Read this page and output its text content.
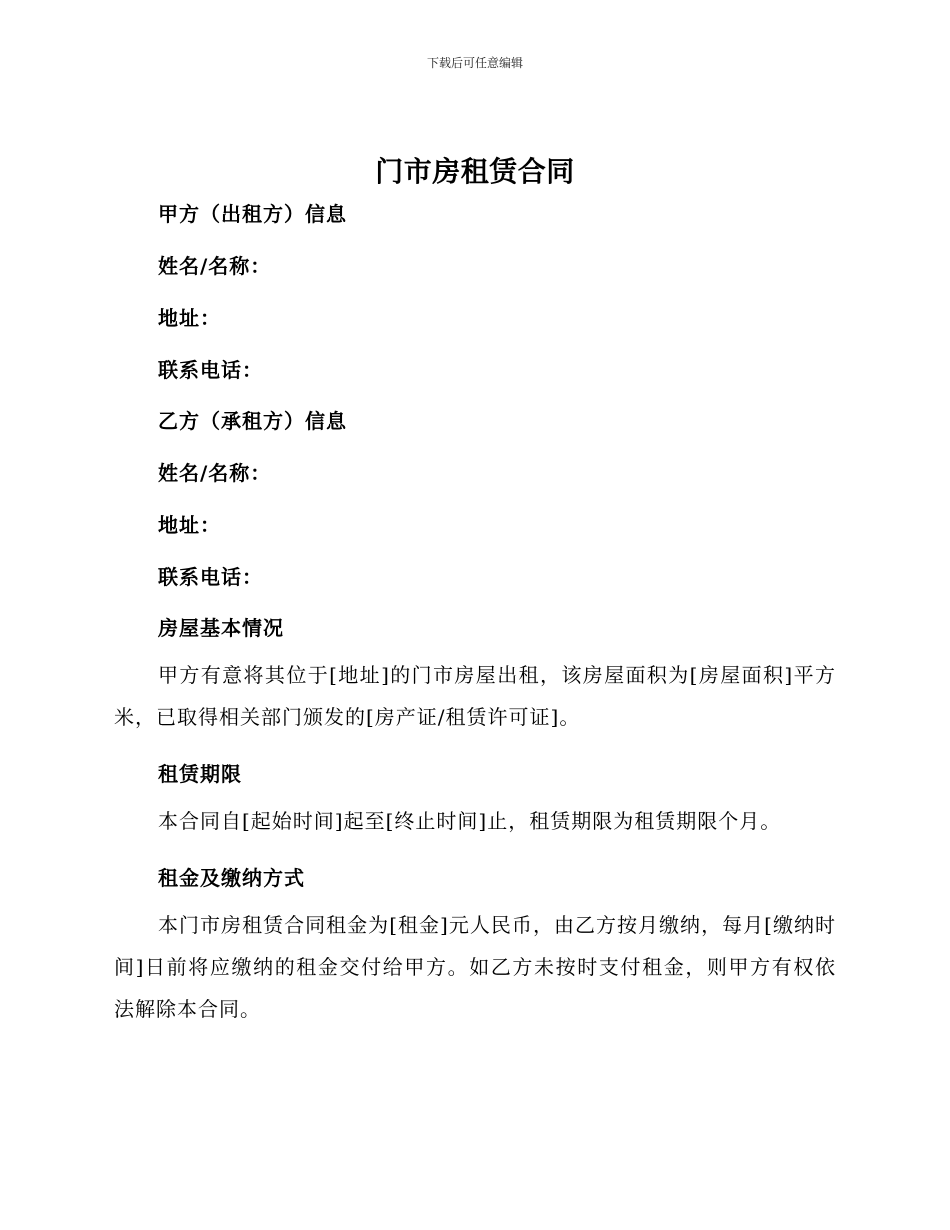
下载后可任意编辑
门市房租赁合同
甲方（出租方）信息
姓名/名称：
地址：
联系电话：
乙方（承租方）信息
姓名/名称：
地址：
联系电话：
房屋基本情况
甲方有意将其位于[地址]的门市房屋出租，该房屋面积为[房屋面积]平方米，已取得相关部门颁发的[房产证/租赁许可证]。
租赁期限
本合同自[起始时间]起至[终止时间]止，租赁期限为租赁期限个月。
租金及缴纳方式
本门市房租赁合同租金为[租金]元人民币，由乙方按月缴纳，每月[缴纳时间]日前将应缴纳的租金交付给甲方。如乙方未按时支付租金，则甲方有权依法解除本合同。
